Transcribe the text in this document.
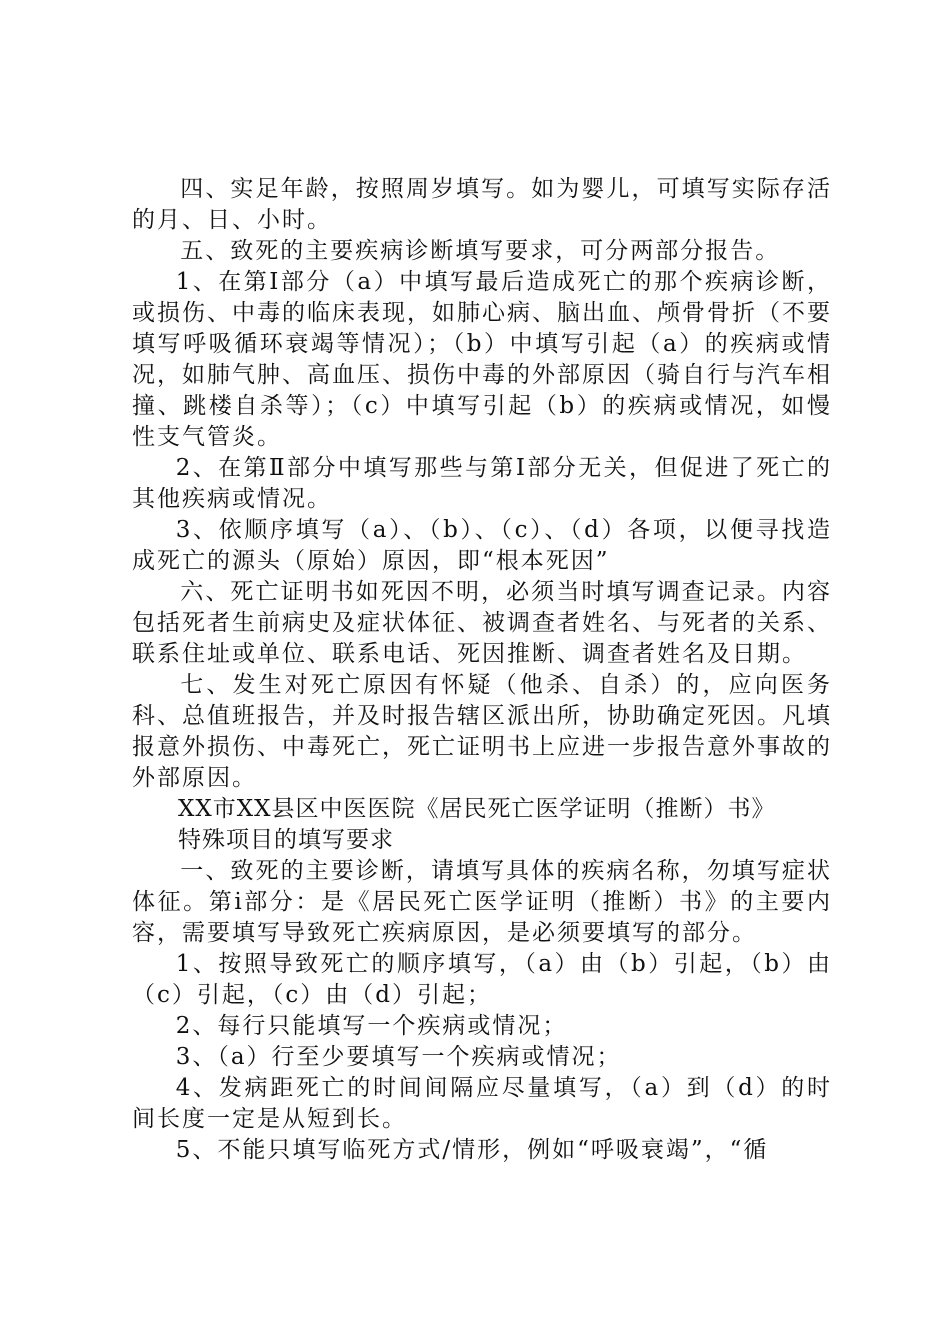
四、实足年龄，按照周岁填写。如为婴儿，可填写实际存活的月、日、小时。

五、致死的主要疾病诊断填写要求，可分两部分报告。

1、在第Ⅰ部分（a）中填写最后造成死亡的那个疾病诊断，或损伤、中毒的临床表现，如肺心病、脑出血、颅骨骨折（不要填写呼吸循环衰竭等情况）；（b）中填写引起（a）的疾病或情况，如肺气肿、高血压、损伤中毒的外部原因（骑自行与汽车相撞、跳楼自杀等）；（c）中填写引起（b）的疾病或情况，如慢性支气管炎。

2、在第Ⅱ部分中填写那些与第Ⅰ部分无关，但促进了死亡的其他疾病或情况。

3、依顺序填写（a）、（b）、（c）、（d）各项，以便寻找造成死亡的源头（原始）原因，即“根本死因”

六、死亡证明书如死因不明，必须当时填写调查记录。内容包括死者生前病史及症状体征、被调查者姓名、与死者的关系、联系住址或单位、联系电话、死因推断、调查者姓名及日期。

七、发生对死亡原因有怀疑（他杀、自杀）的，应向医务科、总值班报告，并及时报告辖区派出所，协助确定死因。凡填报意外损伤、中毒死亡，死亡证明书上应进一步报告意外事故的外部原因。

XX市XX县区中医医院《居民死亡医学证明（推断）书》

特殊项目的填写要求

一、致死的主要诊断，请填写具体的疾病名称，勿填写症状体征。第ⅰ部分：是《居民死亡医学证明（推断）书》的主要内容，需要填写导致死亡疾病原因，是必须要填写的部分。

1、按照导致死亡的顺序填写，（a）由（b）引起，（b）由（c）引起，（c）由（d）引起；

2、每行只能填写一个疾病或情况；

3、（a）行至少要填写一个疾病或情况；

4、发病距死亡的时间间隔应尽量填写，（a）到（d）的时间长度一定是从短到长。

5、不能只填写临死方式/情形，例如“呼吸衰竭”，“循
